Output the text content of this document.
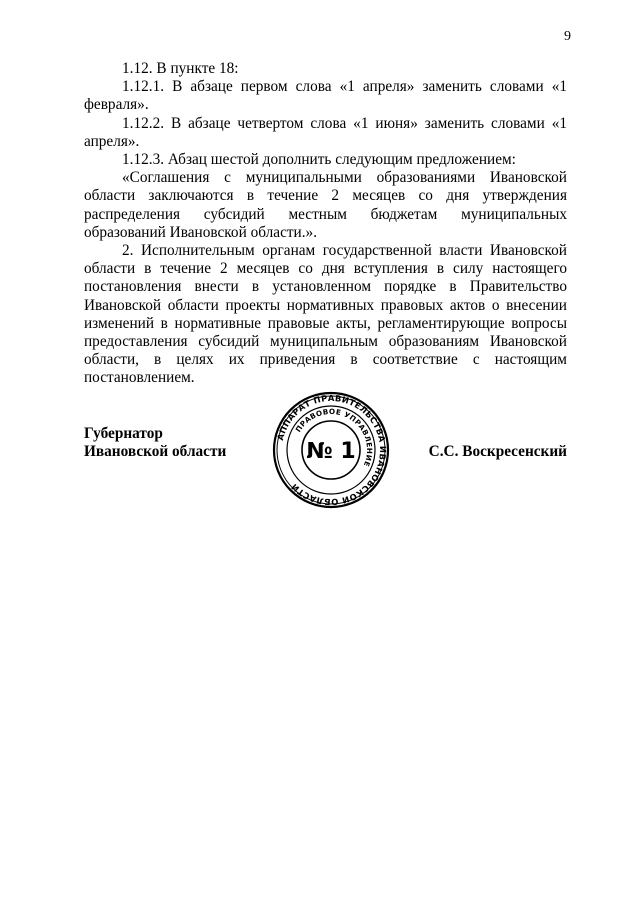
9

1.12. В пункте 18:

1.12.1. В абзаце первом слова «1 апреля» заменить словами «1 февраля».

1.12.2. В абзаце четвертом слова «1 июня» заменить словами «1 апреля».

1.12.3. Абзац шестой дополнить следующим предложением:

«Соглашения с муниципальными образованиями Ивановской области заключаются в течение 2 месяцев со дня утверждения распределения субсидий местным бюджетам муниципальных образований Ивановской области.».

2. Исполнительным органам государственной власти Ивановской области в течение 2 месяцев со дня вступления в силу настоящего постановления внести в установленном порядке в Правительство Ивановской области проекты нормативных правовых актов о внесении изменений в нормативные правовые акты, регламентирующие вопросы предоставления субсидий муниципальным образованиям Ивановской области, в целях их приведения в соответствие с настоящим постановлением.

Губернатор
Ивановской области
АППАРАТ ПРАВИТЕЛЬСТВА ИВАНОВСКОЙ ОБЛАСТИ
ПРАВОВОЕ УПРАВЛЕНИЕ
№ 1	С.С. Воскресенский
